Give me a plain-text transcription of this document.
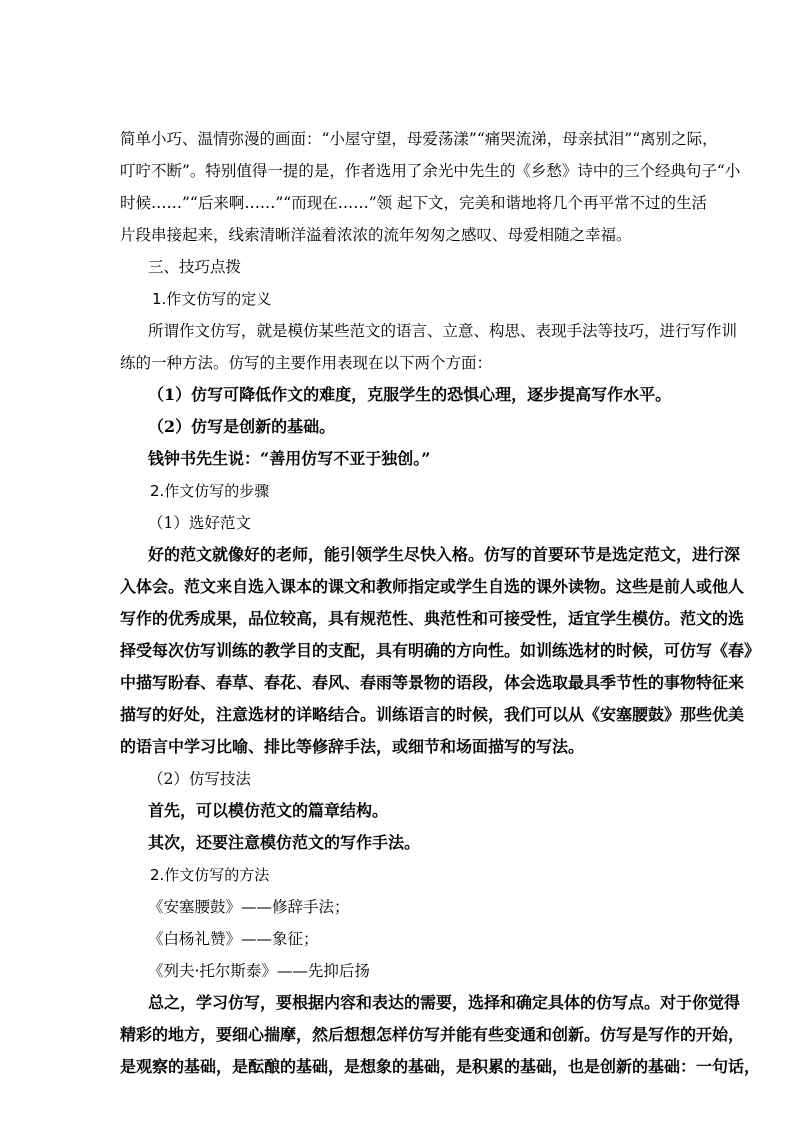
简单小巧、温情弥漫的画面：“小屋守望，母爱荡漾”“痛哭流涕，母亲拭泪”“离别之际，
叮咛不断”。特别值得一提的是，作者选用了余光中先生的《乡愁》诗中的三个经典句子“小
时候……”“后来啊……”“而现在……”领 起下文，完美和谐地将几个再平常不过的生活
片段串接起来，线索清晰洋溢着浓浓的流年匆匆之感叹、母爱相随之幸福。
三、技巧点拨
1.作文仿写的定义
所谓作文仿写，就是模仿某些范文的语言、立意、构思、表现手法等技巧，进行写作训
练的一种方法。仿写的主要作用表现在以下两个方面：
（1）仿写可降低作文的难度，克服学生的恐惧心理，逐步提高写作水平。
（2）仿写是创新的基础。
钱钟书先生说：“善用仿写不亚于独创。”
2.作文仿写的步骤
（1）选好范文
好的范文就像好的老师，能引领学生尽快入格。仿写的首要环节是选定范文，进行深
入体会。范文来自选入课本的课文和教师指定或学生自选的课外读物。这些是前人或他人
写作的优秀成果，品位较高，具有规范性、典范性和可接受性，适宜学生模仿。范文的选
择受每次仿写训练的教学目的支配，具有明确的方向性。如训练选材的时候，可仿写《春》
中描写盼春、春草、春花、春风、春雨等景物的语段，体会选取最具季节性的事物特征来
描写的好处，注意选材的详略结合。训练语言的时候，我们可以从《安塞腰鼓》那些优美
的语言中学习比喻、排比等修辞手法，或细节和场面描写的写法。
（2）仿写技法
首先，可以模仿范文的篇章结构。
其次，还要注意模仿范文的写作手法。
2.作文仿写的方法
《安塞腰鼓》——修辞手法；
《白杨礼赞》——象征；
《列夫·托尔斯泰》——先抑后扬
总之，学习仿写，要根据内容和表达的需要，选择和确定具体的仿写点。对于你觉得
精彩的地方，要细心揣摩，然后想想怎样仿写并能有些变通和创新。仿写是写作的开始，
是观察的基础，是酝酿的基础，是想象的基础，是积累的基础，也是创新的基础：一句话，
